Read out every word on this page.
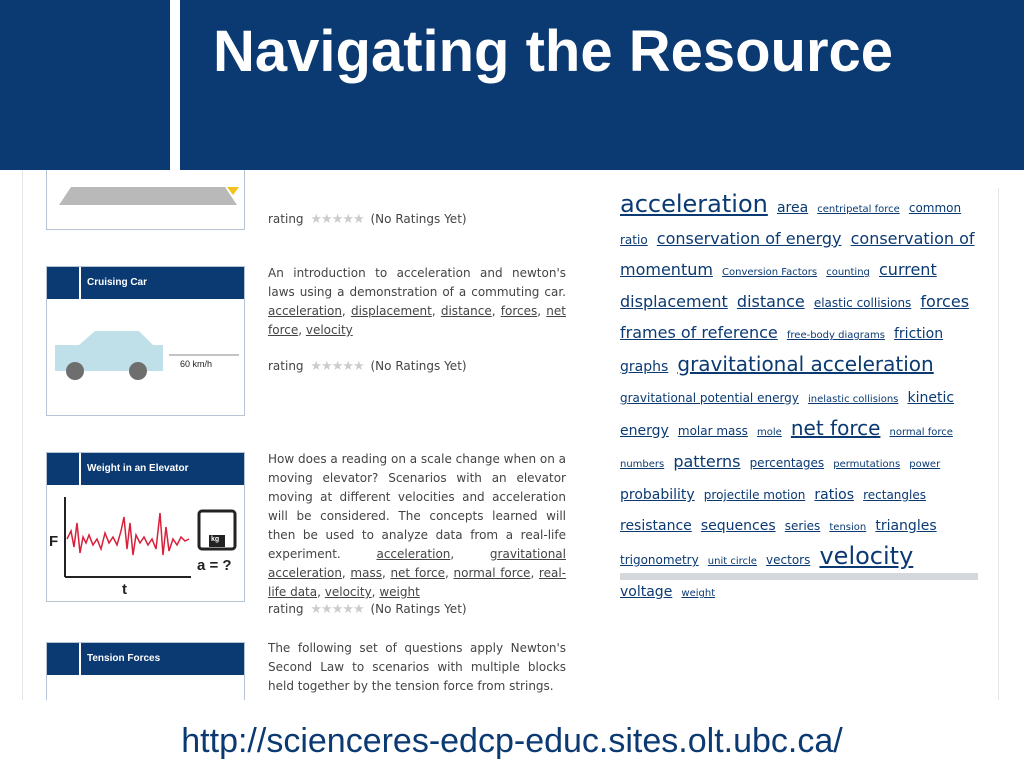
Navigating the Resource
rating ★★★★★ (No Ratings Yet)
Cruising Car
60 km/h
An introduction to acceleration and newton's laws using a demonstration of a commuting car. acceleration, displacement, distance, forces, net force, velocity
rating ★★★★★ (No Ratings Yet)
Weight in an Elevator
F
t
kg
a = ?
How does a reading on a scale change when on a moving elevator? Scenarios with an elevator moving at different velocities and acceleration will be considered. The concepts learned will then be used to analyze data from a real-life experiment.	acceleration, gravitational acceleration, mass, net force, normal force, real-life data, velocity, weight
rating ★★★★★ (No Ratings Yet)
Tension Forces
The following set of questions apply Newton's Second Law to scenarios with multiple blocks held together by the tension force from strings.
acceleration area centripetal force common ratio conservation of energy conservation of momentum Conversion Factors counting current displacement distance elastic collisions forces frames of reference free-body diagrams friction graphs gravitational acceleration gravitational potential energy inelastic collisions kinetic energy molar mass mole net force normal force numbers patterns percentages permutations power probability projectile motion ratios rectangles resistance sequences series tension triangles trigonometry unit circle vectors velocity voltage weight
http://scienceres-edcp-educ.sites.olt.ubc.ca/
